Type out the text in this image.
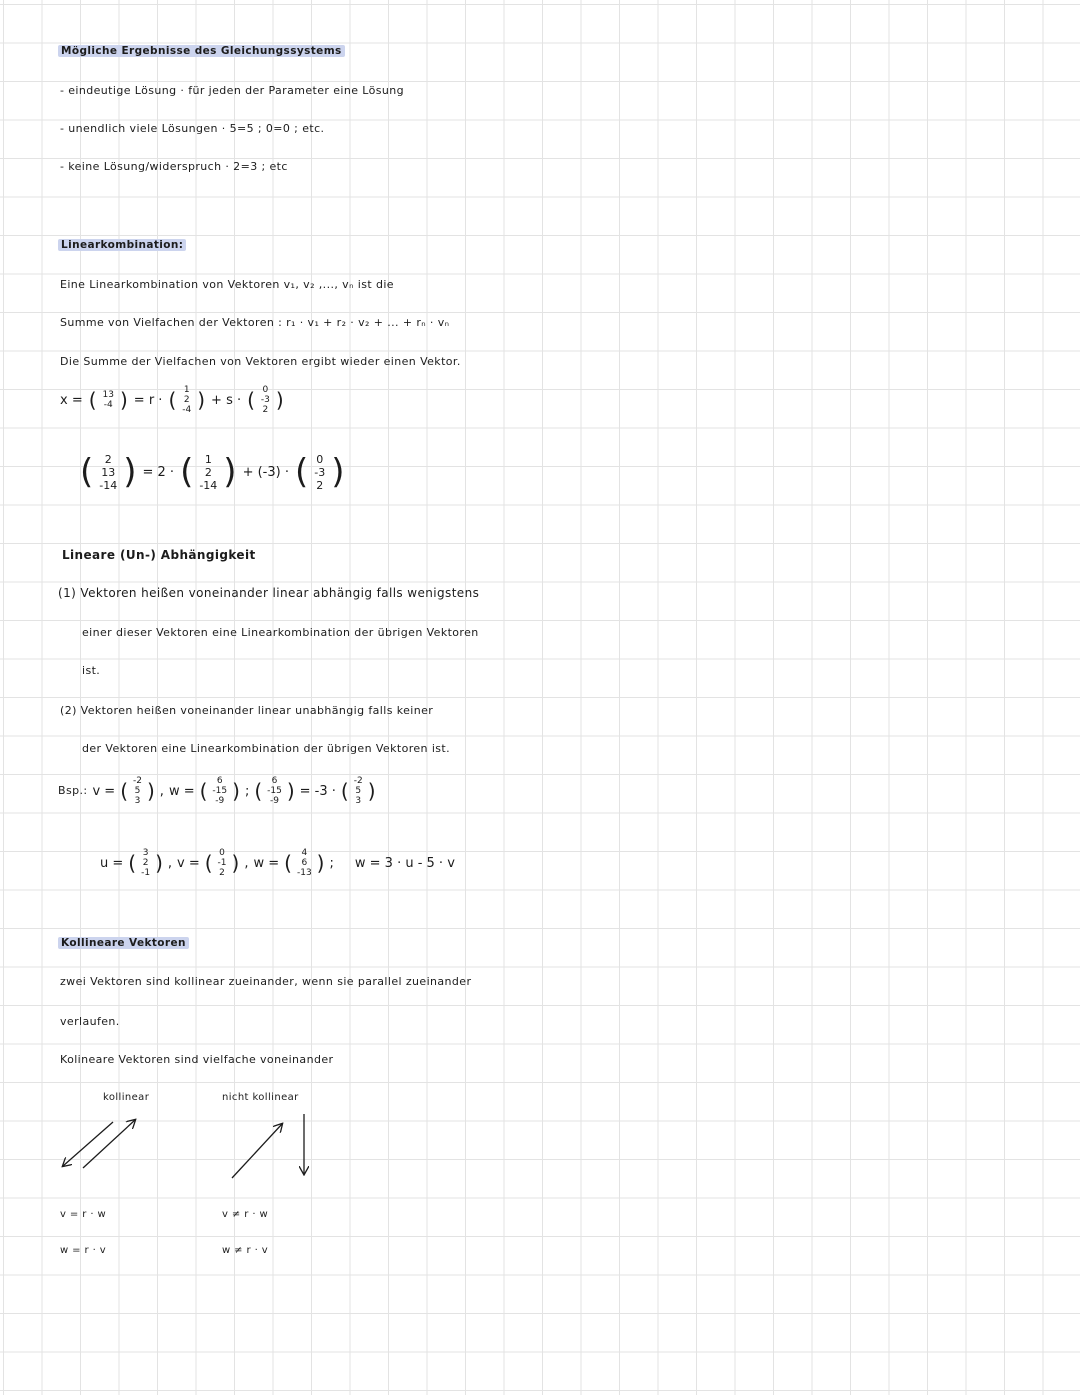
Mögliche Ergebnisse des Gleichungssystems
- eindeutige Lösung · für jeden der Parameter eine Lösung
- unendlich viele Lösungen · 5=5 ; 0=0 ; etc.
- keine Lösung/widerspruch · 2=3 ; etc
Linearkombination:
Eine Linearkombination von Vektoren v₁, v₂ ,..., vₙ ist die
Summe von Vielfachen der Vektoren : r₁ · v₁ + r₂ · v₂ + ... + rₙ · vₙ
Die Summe der Vielfachen von Vektoren ergibt wieder einen Vektor.
x = ( 13
-4 ) = r · ( 1
2
-4 ) + s · ( 0
-3
2 )
(	2
13
-14 ) = 2 · (	1
2
-14 ) + (-3) · ( 0
-3
2 )
Lineare (Un-) Abhängigkeit
(1) Vektoren heißen voneinander linear abhängig falls wenigstens
einer dieser Vektoren eine Linearkombination der übrigen Vektoren
ist.
(2) Vektoren heißen voneinander linear unabhängig falls keiner
der Vektoren eine Linearkombination der übrigen Vektoren ist.
Bsp.: v = ( -2
5
3 ) , w = (	6
-15
-9 ) ; (	6
-15
-9 ) = -3 · ( -2
5
3 )
u = ( 3
2
-1 ) , v = ( 0
-1
2 ) , w = (	4
6
-13 ) ; w = 3 · u - 5 · v
Kollineare Vektoren
zwei Vektoren sind kollinear zueinander, wenn sie parallel zueinander
verlaufen.
Kolineare Vektoren sind vielfache voneinander
kollinear	nicht kollinear
v = r · w
w = r · v
v ≠ r · w
w ≠ r · v
